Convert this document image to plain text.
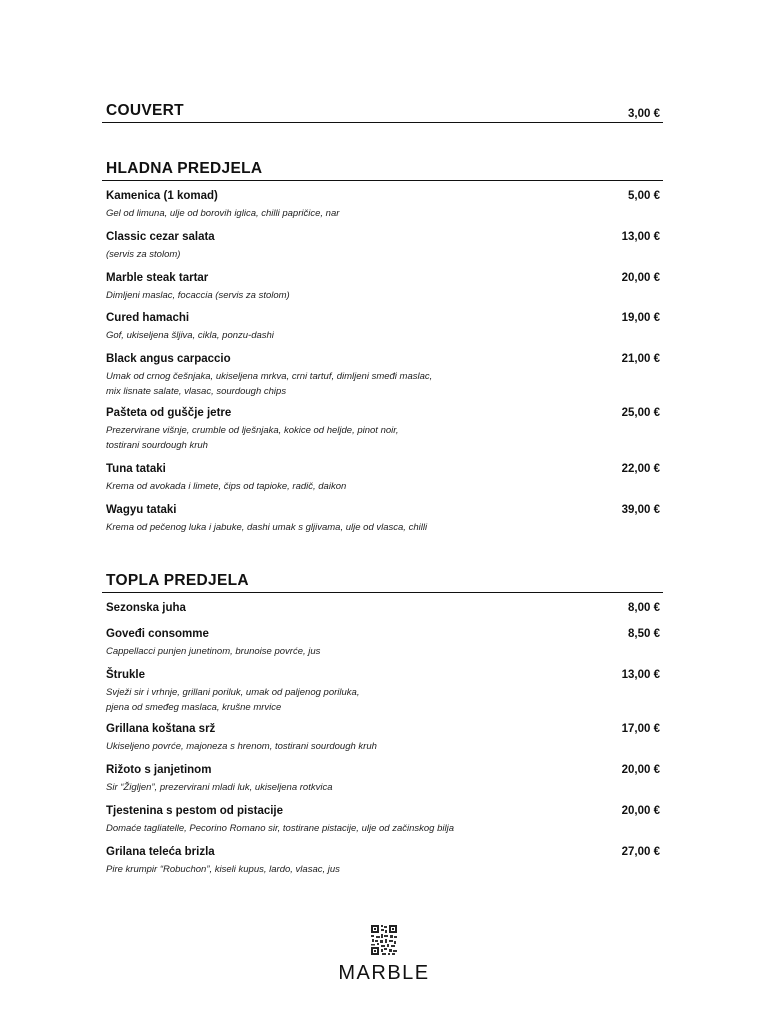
COUVERT	3,00 €
HLADNA PREDJELA
Kamenica (1 komad)	5,00 €
Gel od limuna, ulje od borovih iglica, chilli papričice, nar
Classic cezar salata	13,00 €
(servis za stolom)
Marble steak tartar	20,00 €
Dimljeni maslac, focaccia (servis za stolom)
Cured hamachi	19,00 €
Gof, ukiseljena šljiva, cikla, ponzu-dashi
Black angus carpaccio	21,00 €
Umak od crnog češnjaka, ukiseljena mrkva, crni tartuf, dimljeni smeđi maslac,
mix lisnate salate, vlasac, sourdough chips
Pašteta od guščje jetre	25,00 €
Prezervirane višnje, crumble od lješnjaka, kokice od heljde, pinot noir,
tostirani sourdough kruh
Tuna tataki	22,00 €
Krema od avokada i limete, čips od tapioke, radič, daikon
Wagyu tataki	39,00 €
Krema od pečenog luka i jabuke, dashi umak s gljivama, ulje od vlasca, chilli
TOPLA PREDJELA
Sezonska juha	8,00 €
Goveđi consomme	8,50 €
Cappellacci punjen junetinom, brunoise povrće, jus
Štrukle	13,00 €
Svježi sir i vrhnje, grillani poriluk, umak od paljenog poriluka,
pjena od smeđeg maslaca, krušne mrvice
Grillana koštana srž	17,00 €
Ukiseljeno povrće, majoneza s hrenom, tostirani sourdough kruh
Rižoto s janjetinom	20,00 €
Sir “Žigljen”, prezervirani mladi luk, ukiseljena rotkvica
Tjestenina s pestom od pistacije	20,00 €
Domaće tagliatelle, Pecorino Romano sir, tostirane pistacije, ulje od začinskog bilja
Grilana teleća brizla	27,00 €
Pire krumpir “Robuchon”, kiseli kupus, lardo, vlasac, jus
MARBLE
